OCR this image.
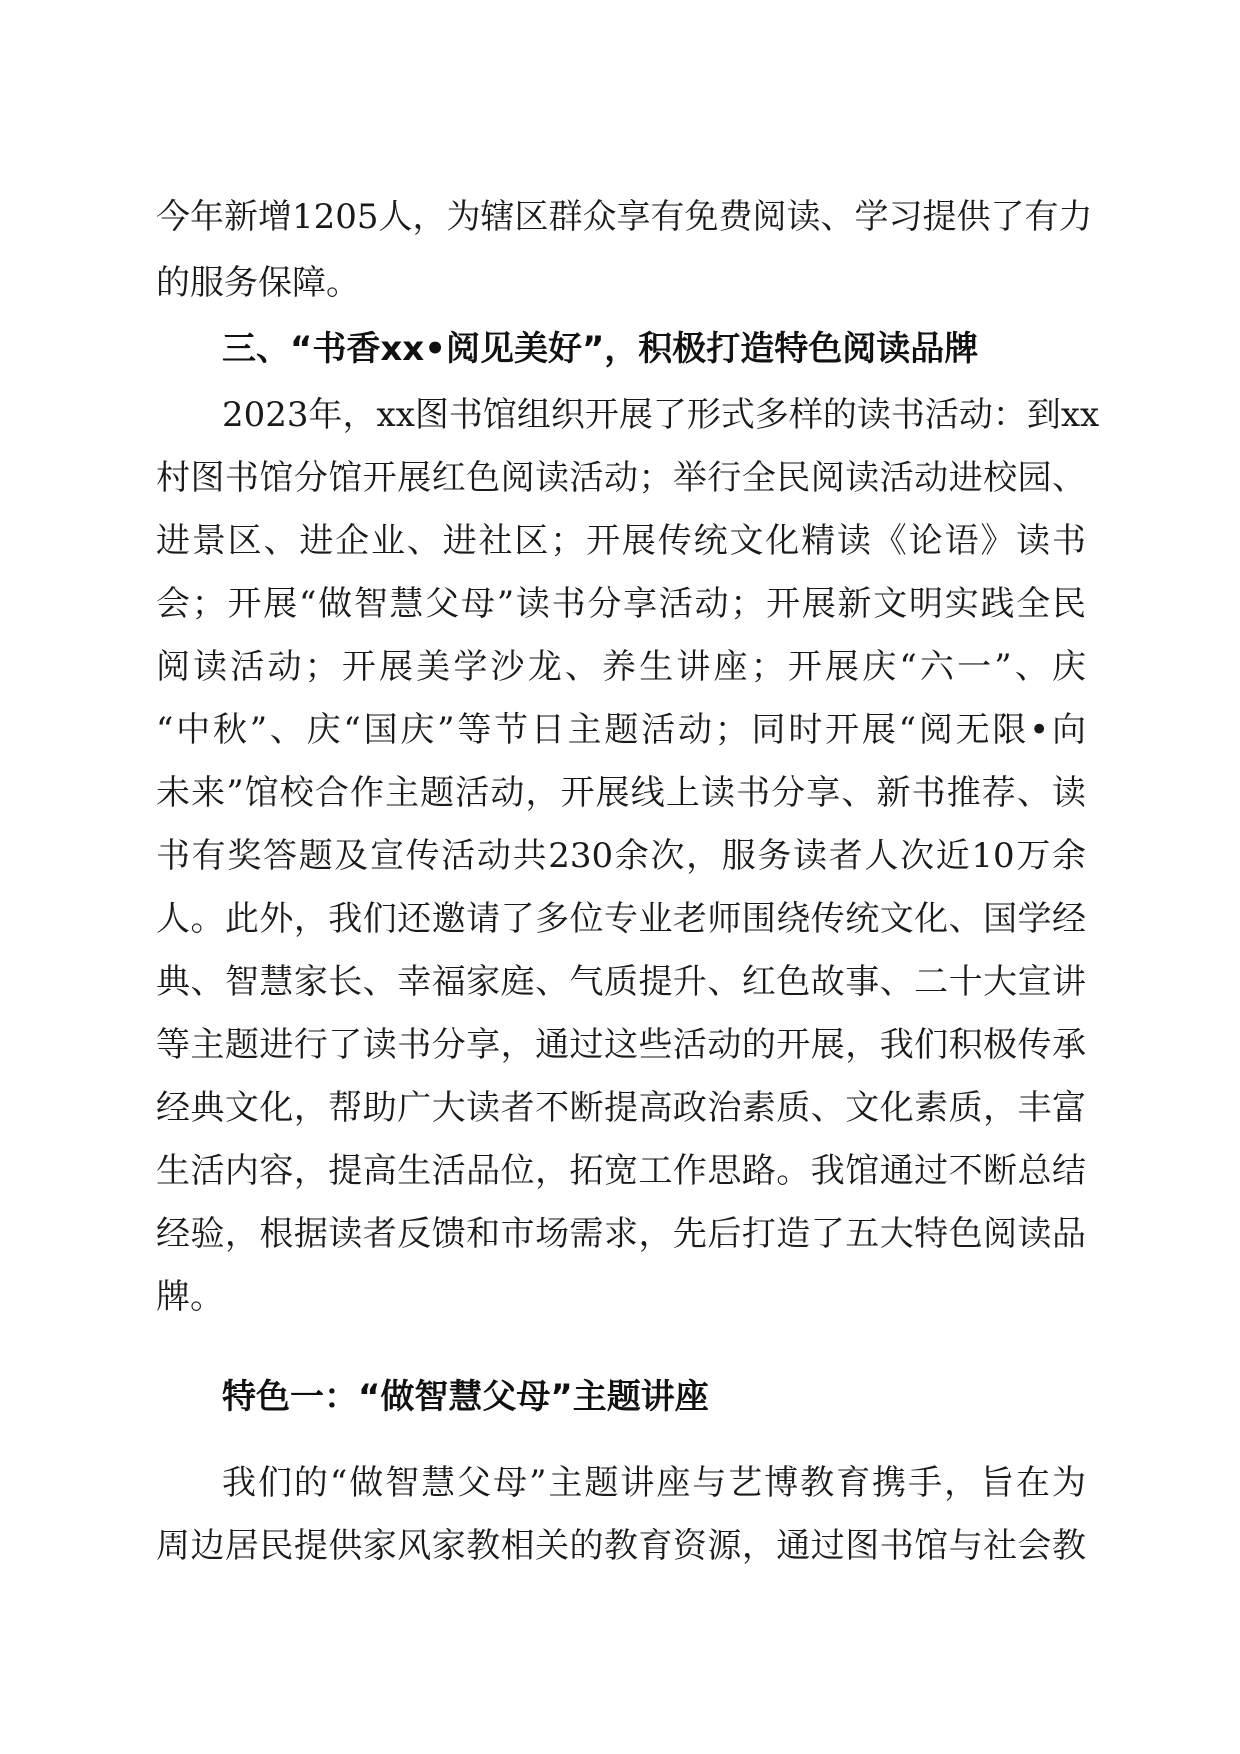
今年新增1205人，为辖区群众享有免费阅读、学习提供了有力
的服务保障。
三、“书香xx•阅见美好”，积极打造特色阅读品牌
2023年，xx图书馆组织开展了形式多样的读书活动：到xx
村图书馆分馆开展红色阅读活动；举行全民阅读活动进校园、
进景区、进企业、进社区；开展传统文化精读《论语》读书
会；开展“做智慧父母”读书分享活动；开展新文明实践全民
阅读活动；开展美学沙龙、养生讲座；开展庆“六一”、庆
“中秋”、庆“国庆”等节日主题活动；同时开展“阅无限•向
未来”馆校合作主题活动，开展线上读书分享、新书推荐、读
书有奖答题及宣传活动共230余次，服务读者人次近10万余
人。此外，我们还邀请了多位专业老师围绕传统文化、国学经
典、智慧家长、幸福家庭、气质提升、红色故事、二十大宣讲
等主题进行了读书分享，通过这些活动的开展，我们积极传承
经典文化，帮助广大读者不断提高政治素质、文化素质，丰富
生活内容，提高生活品位，拓宽工作思路。我馆通过不断总结
经验，根据读者反馈和市场需求，先后打造了五大特色阅读品
牌。
特色一：“做智慧父母”主题讲座
我们的“做智慧父母”主题讲座与艺博教育携手，旨在为
周边居民提供家风家教相关的教育资源，通过图书馆与社会教
